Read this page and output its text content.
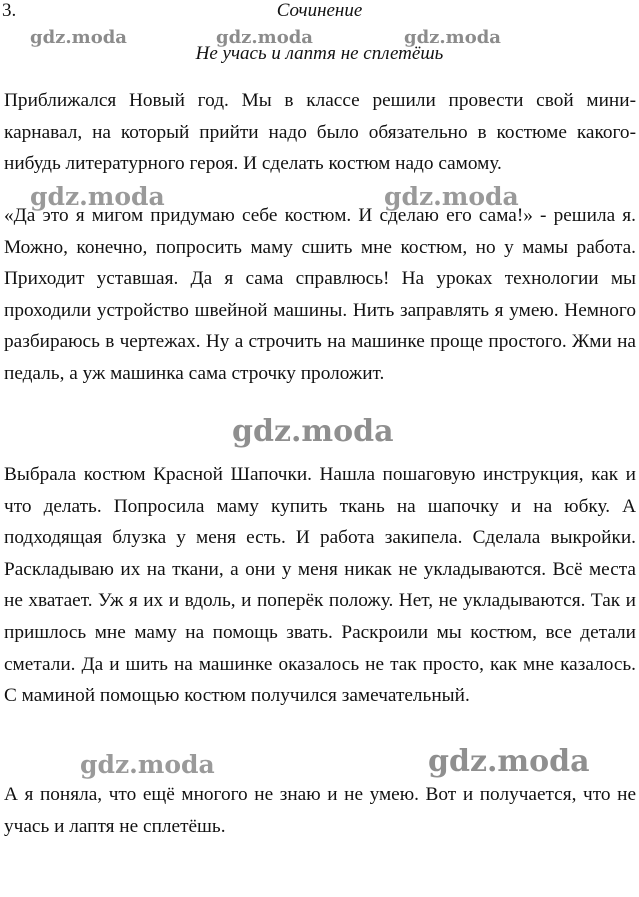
3.	Сочинение
Не учась и лаптя не сплетёшь
Приближался Новый год. Мы в классе решили провести свой мини-карнавал, на который прийти надо было обязательно в костюме какого-нибудь литературного героя. И сделать костюм надо самому.
«Да это я мигом придумаю себе костюм. И сделаю его сама!» - решила я. Можно, конечно, попросить маму сшить мне костюм, но у мамы работа. Приходит уставшая. Да я сама справлюсь! На уроках технологии мы проходили устройство швейной машины. Нить заправлять я умею. Немного разбираюсь в чертежах. Ну а строчить на машинке проще простого. Жми на педаль, а уж машинка сама строчку проложит.
Выбрала костюм Красной Шапочки. Нашла пошаговую инструкция, как и что делать. Попросила маму купить ткань на шапочку и на юбку. А подходящая блузка у меня есть. И работа закипела. Сделала выкройки. Раскладываю их на ткани, а они у меня никак не укладываются. Всё места не хватает. Уж я их и вдоль, и поперёк положу. Нет, не укладываются. Так и пришлось мне маму на помощь звать. Раскроили мы костюм, все детали сметали. Да и шить на машинке оказалось не так просто, как мне казалось. С маминой помощью костюм получился замечательный.
А я поняла, что ещё многого не знаю и не умею. Вот и получается, что не учась и лаптя не сплетёшь.
gdz.moda	gdz.moda	gdz.moda
gdz.moda	gdz.moda
gdz.moda
gdz.moda
gdz.moda
